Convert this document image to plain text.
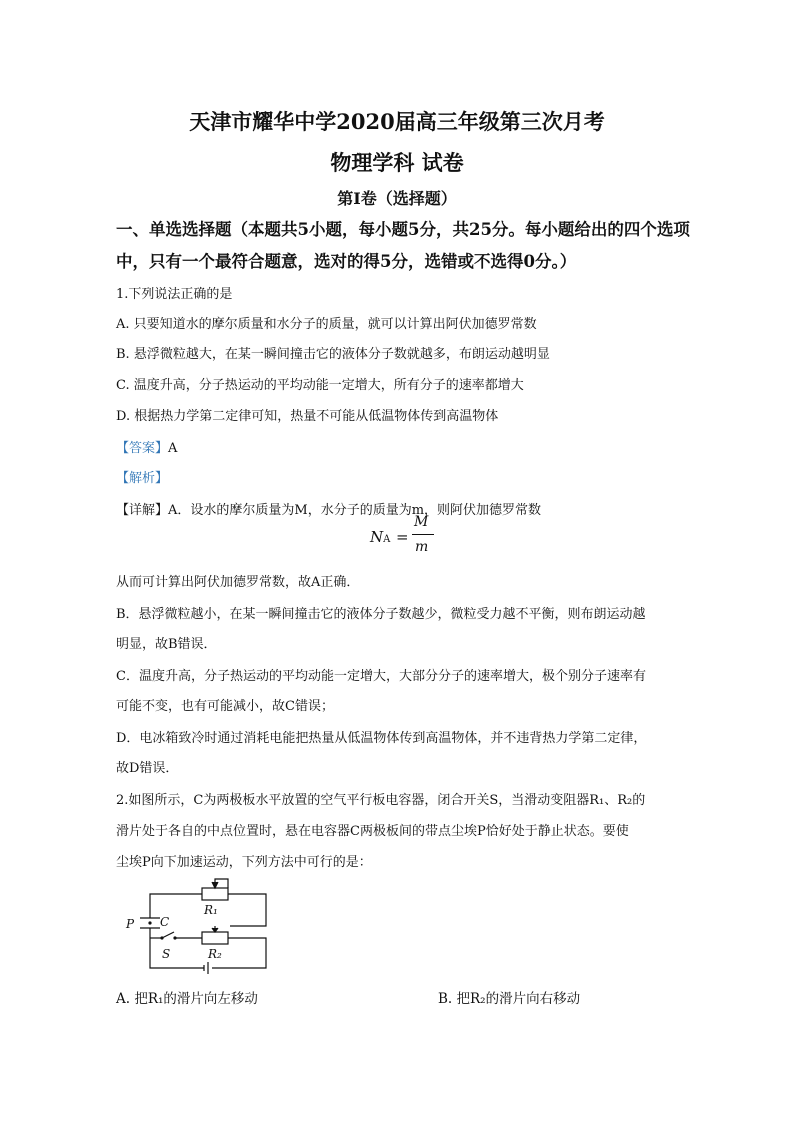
天津市耀华中学2020届高三年级第三次月考
物理学科 试卷
第Ⅰ卷（选择题）
一、单选选择题（本题共5小题，每小题5分，共25分。每小题给出的四个选项
中，只有一个最符合题意，选对的得5分，选错或不选得0分。）
1.下列说法正确的是
A. 只要知道水的摩尔质量和水分子的质量，就可以计算出阿伏加德罗常数
B. 悬浮微粒越大，在某一瞬间撞击它的液体分子数就越多，布朗运动越明显
C. 温度升高，分子热运动的平均动能一定增大，所有分子的速率都增大
D. 根据热力学第二定律可知，热量不可能从低温物体传到高温物体
【答案】A
【解析】
【详解】A．设水的摩尔质量为M，水分子的质量为m，则阿伏加德罗常数
NA =
M
m
从而可计算出阿伏加德罗常数，故A正确．
B．悬浮微粒越小，在某一瞬间撞击它的液体分子数越少，微粒受力越不平衡，则布朗运动越
明显，故B错误．
C．温度升高，分子热运动的平均动能一定增大，大部分分子的速率增大，极个别分子速率有
可能不变，也有可能减小，故C错误；
D．电冰箱致冷时通过消耗电能把热量从低温物体传到高温物体，并不违背热力学第二定律，
故D错误．
2.如图所示，C为两极板水平放置的空气平行板电容器，闭合开关S，当滑动变阻器R₁、R₂的
滑片处于各自的中点位置时，悬在电容器C两极板间的带点尘埃P恰好处于静止状态。要使
尘埃P向下加速运动，下列方法中可行的是：
P C
S
R₁
R₂
A. 把R₁的滑片向左移动	B. 把R₂的滑片向右移动
